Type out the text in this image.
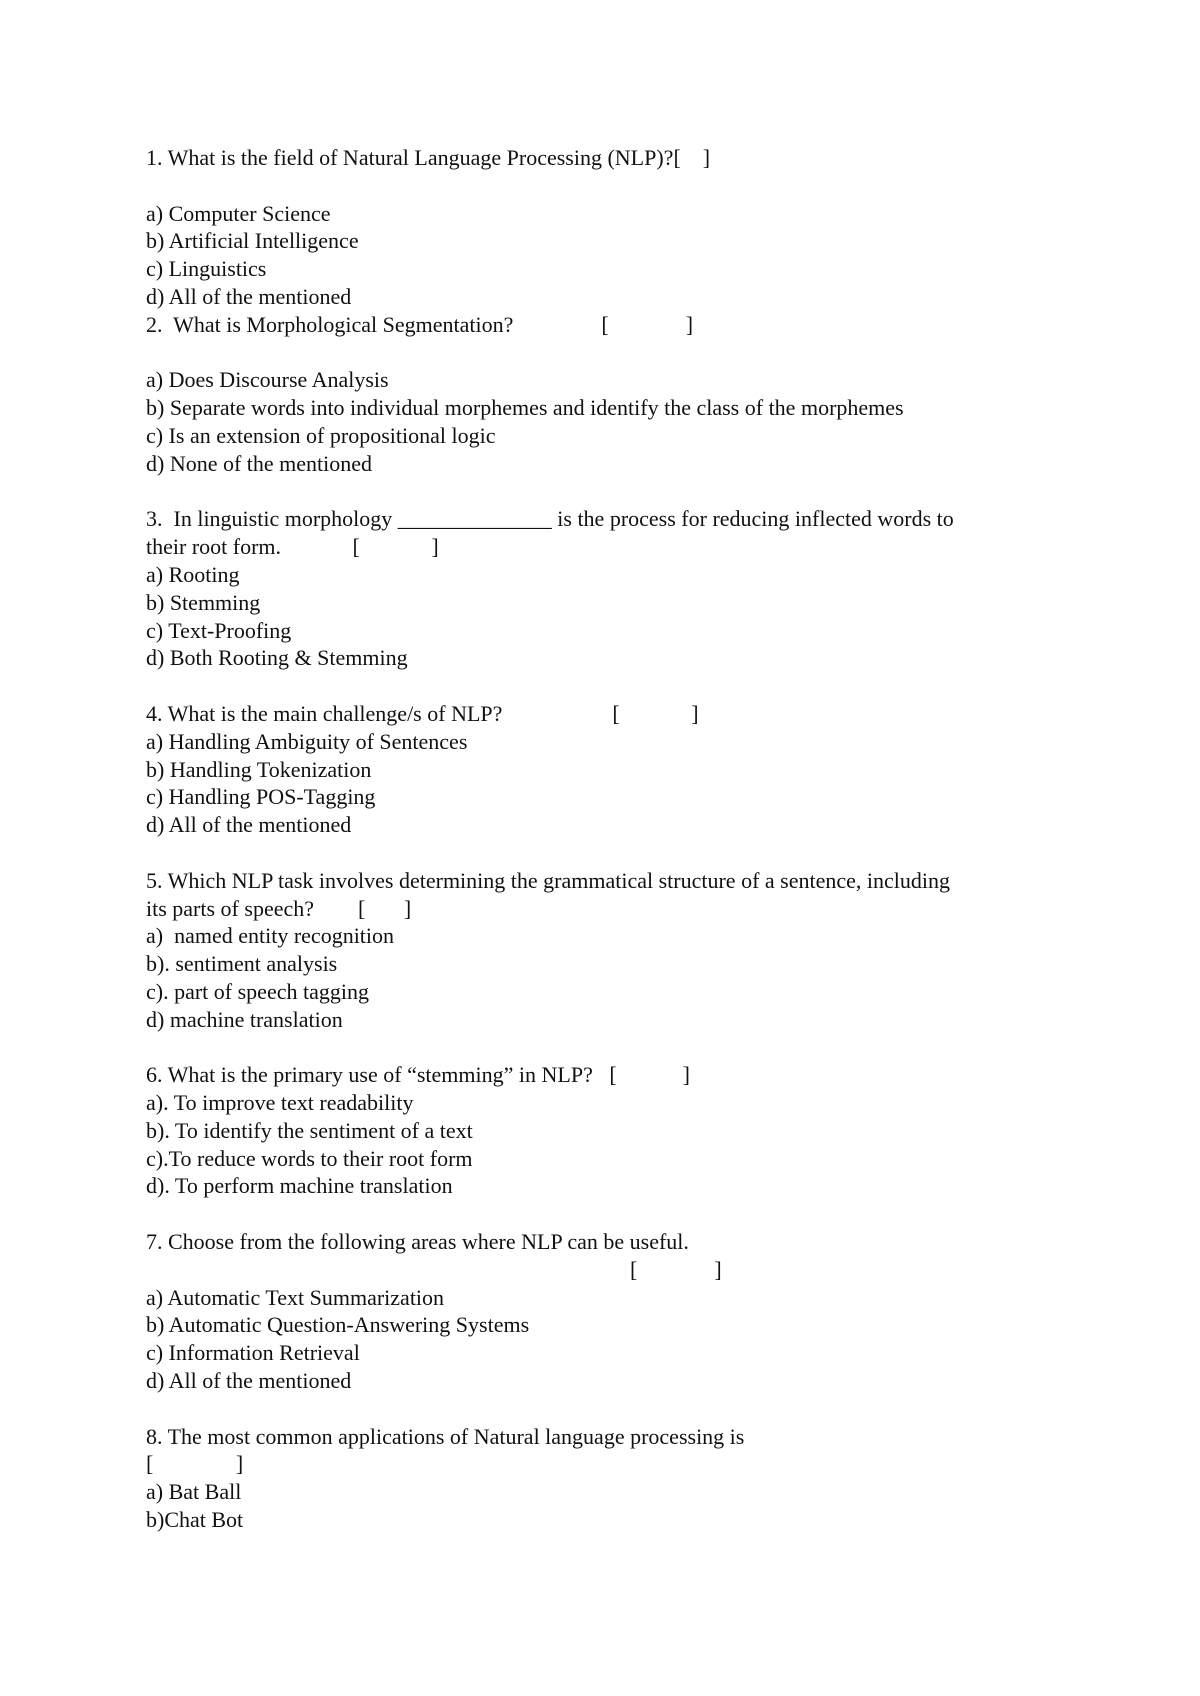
1. What is the field of Natural Language Processing (NLP)?[    ]
a) Computer Science
b) Artificial Intelligence
c) Linguistics
d) All of the mentioned
2.  What is Morphological Segmentation?                [              ]
a) Does Discourse Analysis
b) Separate words into individual morphemes and identify the class of the morphemes
c) Is an extension of propositional logic
d) None of the mentioned
3.  In linguistic morphology ______________ is the process for reducing inflected words to
their root form.             [             ]
a) Rooting
b) Stemming
c) Text-Proofing
d) Both Rooting & Stemming
4. What is the main challenge/s of NLP?                    [             ]
a) Handling Ambiguity of Sentences
b) Handling Tokenization
c) Handling POS-Tagging
d) All of the mentioned
5. Which NLP task involves determining the grammatical structure of a sentence, including
its parts of speech?        [       ]
a)  named entity recognition
b). sentiment analysis
c). part of speech tagging
d) machine translation
6. What is the primary use of “stemming” in NLP?   [            ]
a). To improve text readability
b). To identify the sentiment of a text
c).To reduce words to their root form
d). To perform machine translation
7. Choose from the following areas where NLP can be useful.
[              ]
a) Automatic Text Summarization
b) Automatic Question-Answering Systems
c) Information Retrieval
d) All of the mentioned
8. The most common applications of Natural language processing is
[               ]
a) Bat Ball
b)Chat Bot
